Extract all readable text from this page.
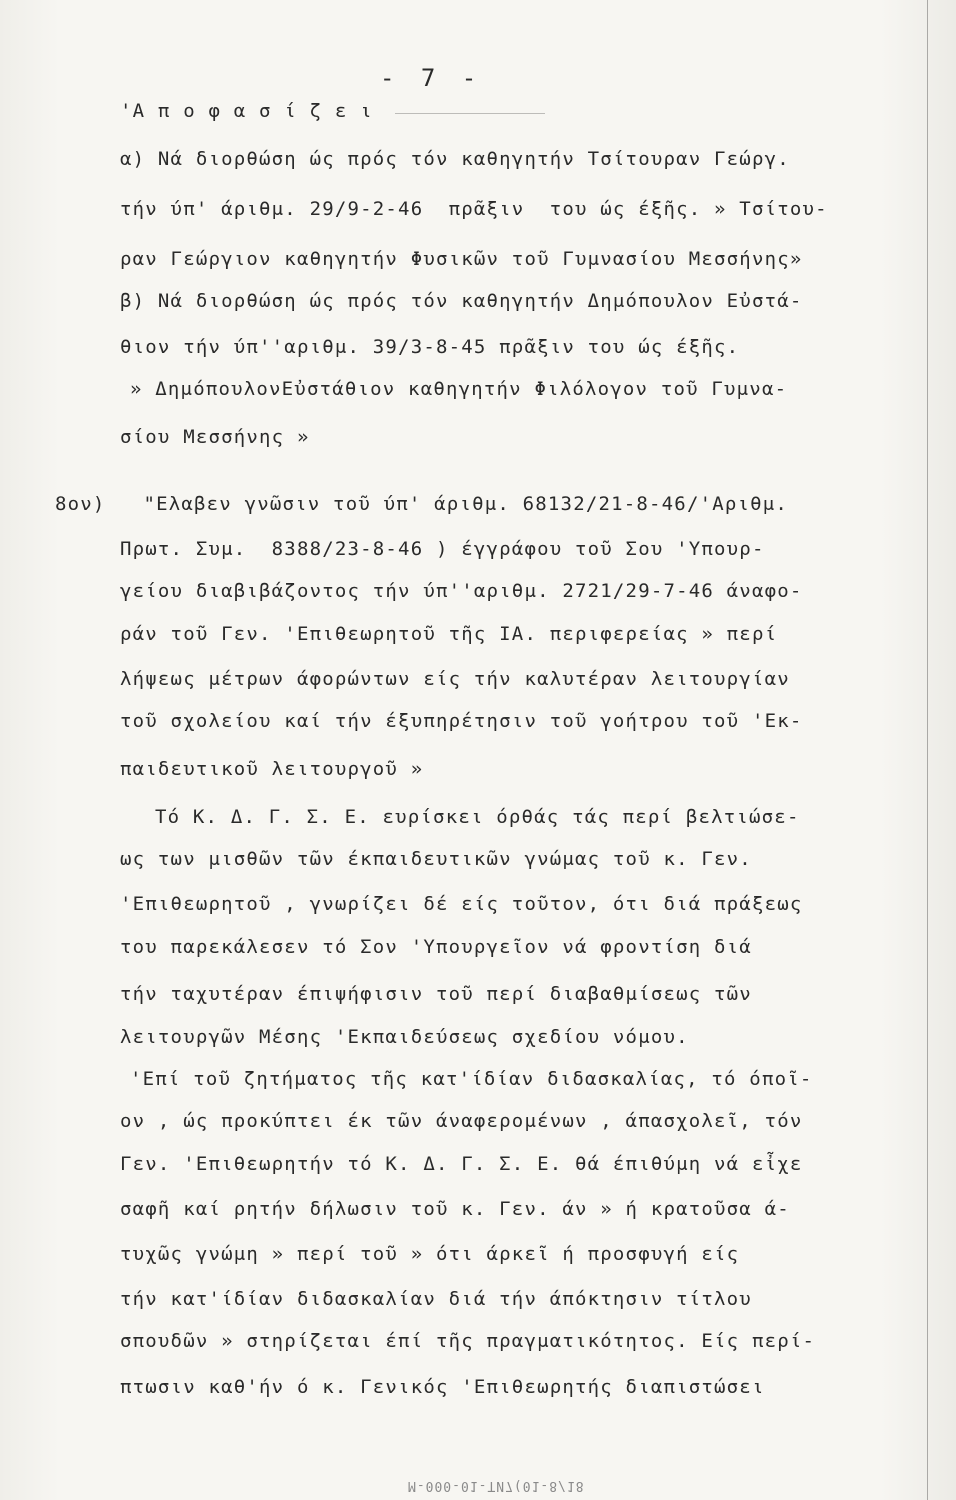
- 7 -
'Α π ο φ α σ ί ζ ε ι
α) Νά διορθώση ώς πρός τόν καθηγητήν Τσίτουραν Γεώργ.
τήν ύπ' άριθμ. 29/9-2-46  πρᾶξιν  του ώς έξῆς. » Τσίτου-
ραν Γεώργιον καθηγητήν Φυσικῶν τοῦ Γυμνασίου Μεσσήνης»
β) Νά διορθώση ώς πρός τόν καθηγητήν Δημόπουλον Εὐστά-
θιον τήν ύπ''αριθμ. 39/3-8-45 πρᾶξιν του ώς έξῆς.
» ΔημόπουλονΕὐστάθιον καθηγητήν Φιλόλογον τοῦ Γυμνα-
σίου Μεσσήνης »
8ον)   "Ελαβεν γνῶσιν τοῦ ύπ' άριθμ. 68132/21-8-46/'Αριθμ.
Πρωτ. Συμ.  8388/23-8-46 ) έγγράφου τοῦ Σου 'Υπουρ-
γείου διαβιβάζοντος τήν ύπ''αριθμ. 2721/29-7-46 άναφο-
ράν τοῦ Γεν. 'Επιθεωρητοῦ τῆς ΙΑ. περιφερείας » περί
λήψεως μέτρων άφορώντων είς τήν καλυτέραν λειτουργίαν
τοῦ σχολείου καί τήν έξυπηρέτησιν τοῦ γοήτρου τοῦ 'Εκ-
παιδευτικοῦ λειτουργοῦ »
Τό Κ. Δ. Γ. Σ. Ε. ευρίσκει όρθάς τάς περί βελτιώσε-
ως των μισθῶν τῶν έκπαιδευτικῶν γνώμας τοῦ κ. Γεν.
'Επιθεωρητοῦ , γνωρίζει δέ είς τοῦτον, ότι διά πράξεως
του παρεκάλεσεν τό Σον 'Υπουργεῖον νά φροντίση διά
τήν ταχυτέραν έπιψήφισιν τοῦ περί διαβαθμίσεως τῶν
λειτουργῶν Μέσης 'Εκπαιδεύσεως σχεδίου νόμου.
'Επί τοῦ ζητήματος τῆς κατ'ίδίαν διδασκαλίας, τό όποῖ-
ον , ώς προκύπτει έκ τῶν άναφερομένων , άπασχολεῖ, τόν
Γεν. 'Επιθεωρητήν τό Κ. Δ. Γ. Σ. Ε. θά έπιθύμη νά εἶχε
σαφῆ καί ρητήν δήλωσιν τοῦ κ. Γεν. άν » ή κρατοῦσα ά-
τυχῶς γνώμη » περί τοῦ » ότι άρκεῖ ή προσφυγή είς
τήν κατ'ίδίαν διδασκαλίαν διά τήν άπόκτησιν τίτλου
σπουδῶν » στηρίζεται έπί τῆς πραγματικότητος. Είς περί-
πτωσιν καθ'ήν ό κ. Γενικός 'Επιθεωρητής διαπιστώσει
M-000-01-ТИ7(01-8/18
